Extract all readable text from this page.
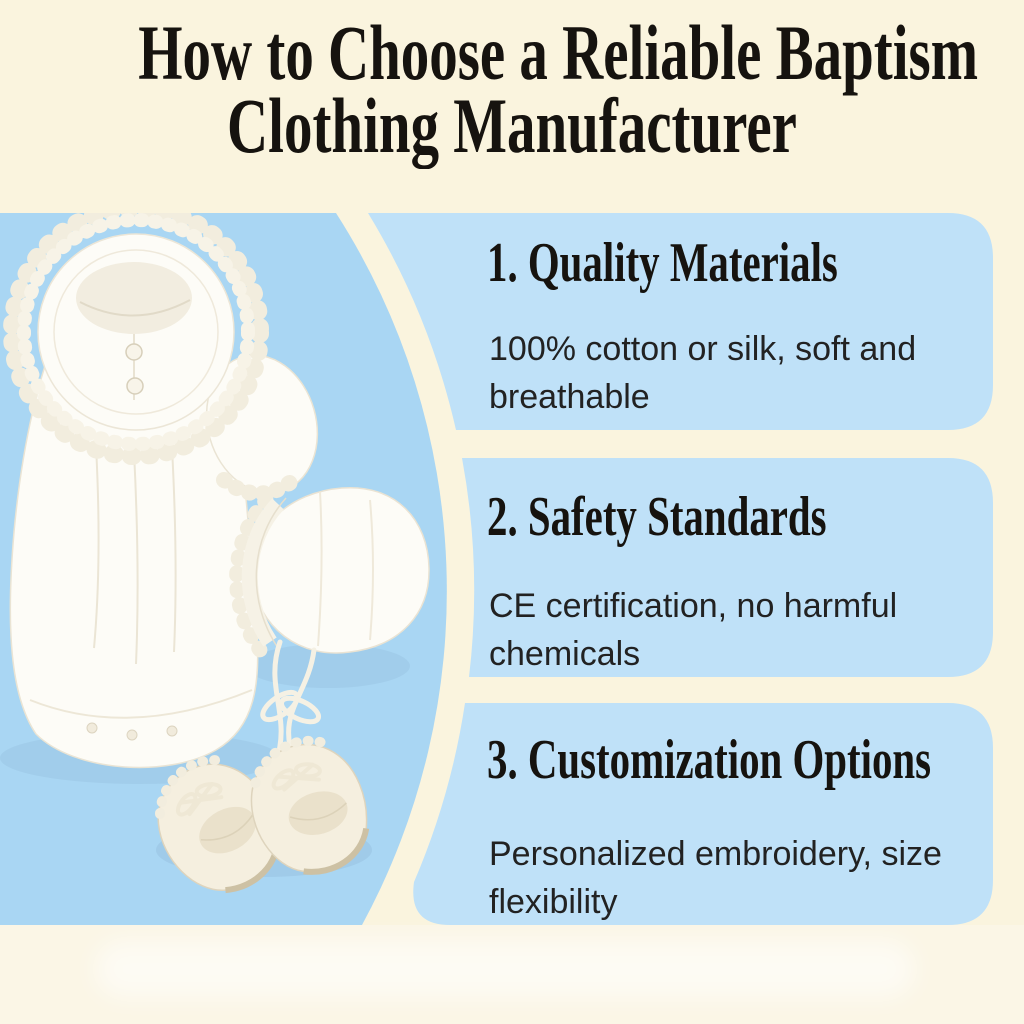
How to Choose a Reliable Baptism
Clothing Manufacturer
1. Quality Materials
100% cotton or silk, soft and breathable
2. Safety Standards
CE certification, no harmful chemicals
3. Customization Options
Personalized embroidery, size flexibility
